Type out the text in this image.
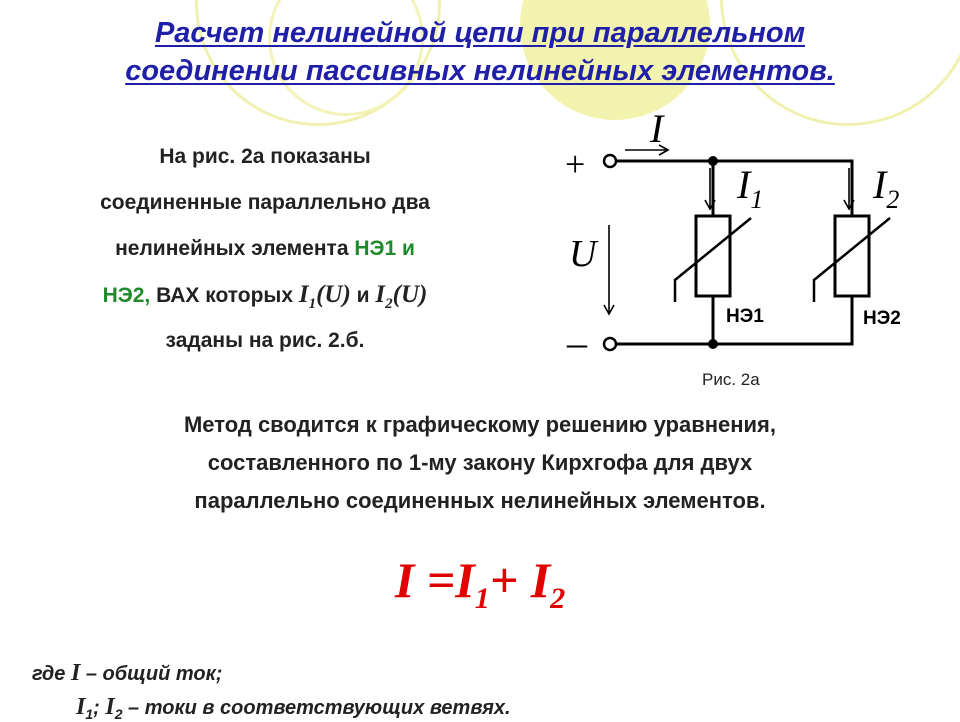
Расчет нелинейной цепи при параллельном
соединении пассивных нелинейных элементов.
На рис. 2а показаны
соединенные параллельно два
нелинейных элемента НЭ1 и
НЭ2, ВАХ которых $I_1(U)$ и $I_2(U)$
заданы на рис. 2.б.
I
$I_1$	$I_2$
U
+
–
НЭ1	НЭ2
Рис. 2а
Метод сводится к графическому решению уравнения,
составленного по 1-му закону Кирхгофа для двух
параллельно соединенных нелинейных элементов.
$I =I_1+ I_2$
где I – общий ток;
$I_1$; $I_2$ – токи в соответствующих ветвях.
